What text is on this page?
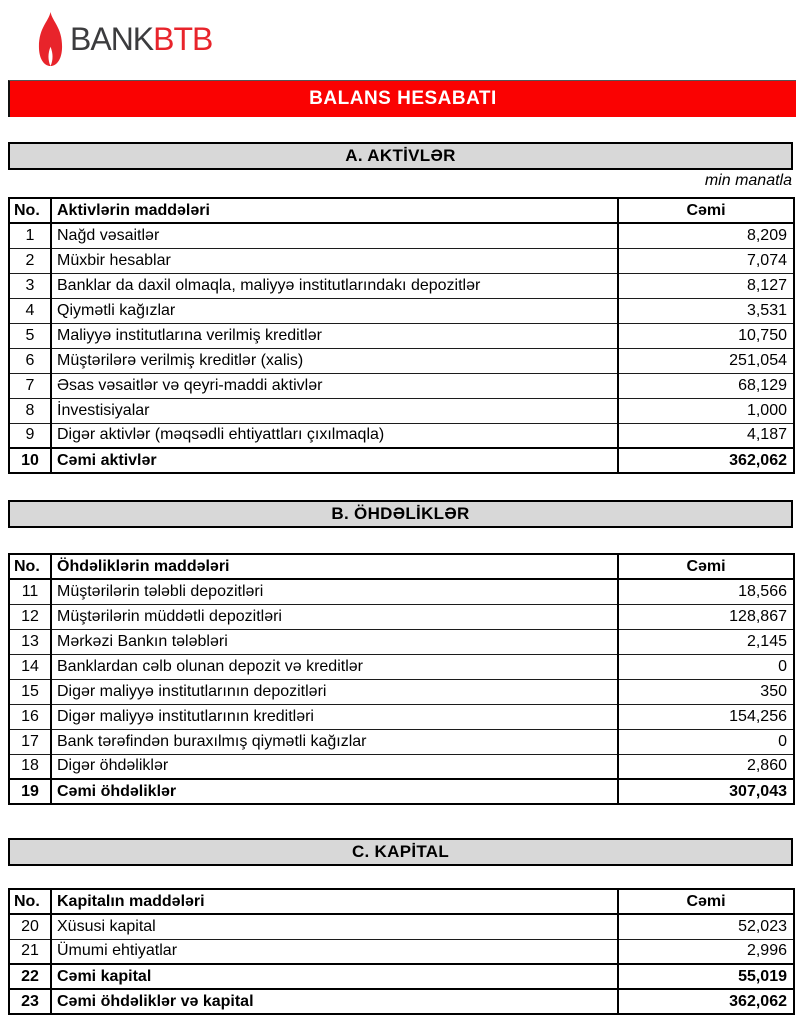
BANKBTB
BALANS HESABATI
A. AKTİVLƏR
min manatla
No.	Aktivlərin maddələri	Cəmi
1	Nağd vəsaitlər	8,209
2	Müxbir hesablar	7,074
3	Banklar da daxil olmaqla, maliyyə institutlarındakı depozitlər	8,127
4	Qiymətli kağızlar	3,531
5	Maliyyə institutlarına verilmiş kreditlər	10,750
6	Müştərilərə verilmiş kreditlər (xalis)	251,054
7	Əsas vəsaitlər və qeyri-maddi aktivlər	68,129
8	İnvestisiyalar	1,000
9	Digər aktivlər (məqsədli ehtiyattları çıxılmaqla)	4,187
10	Cəmi aktivlər	362,062
B. ÖHDƏLİKLƏR
No.	Öhdəliklərin maddələri	Cəmi
11	Müştərilərin tələbli depozitləri	18,566
12	Müştərilərin müddətli depozitləri	128,867
13	Mərkəzi Bankın tələbləri	2,145
14	Banklardan cəlb olunan depozit və kreditlər	0
15	Digər maliyyə institutlarının depozitləri	350
16	Digər maliyyə institutlarının kreditləri	154,256
17	Bank tərəfindən buraxılmış qiymətli kağızlar	0
18	Digər öhdəliklər	2,860
19	Cəmi öhdəliklər	307,043
C. KAPİTAL
No.	Kapitalın maddələri	Cəmi
20	Xüsusi kapital	52,023
21	Ümumi ehtiyatlar	2,996
22	Cəmi kapital	55,019
23	Cəmi öhdəliklər və kapital	362,062
